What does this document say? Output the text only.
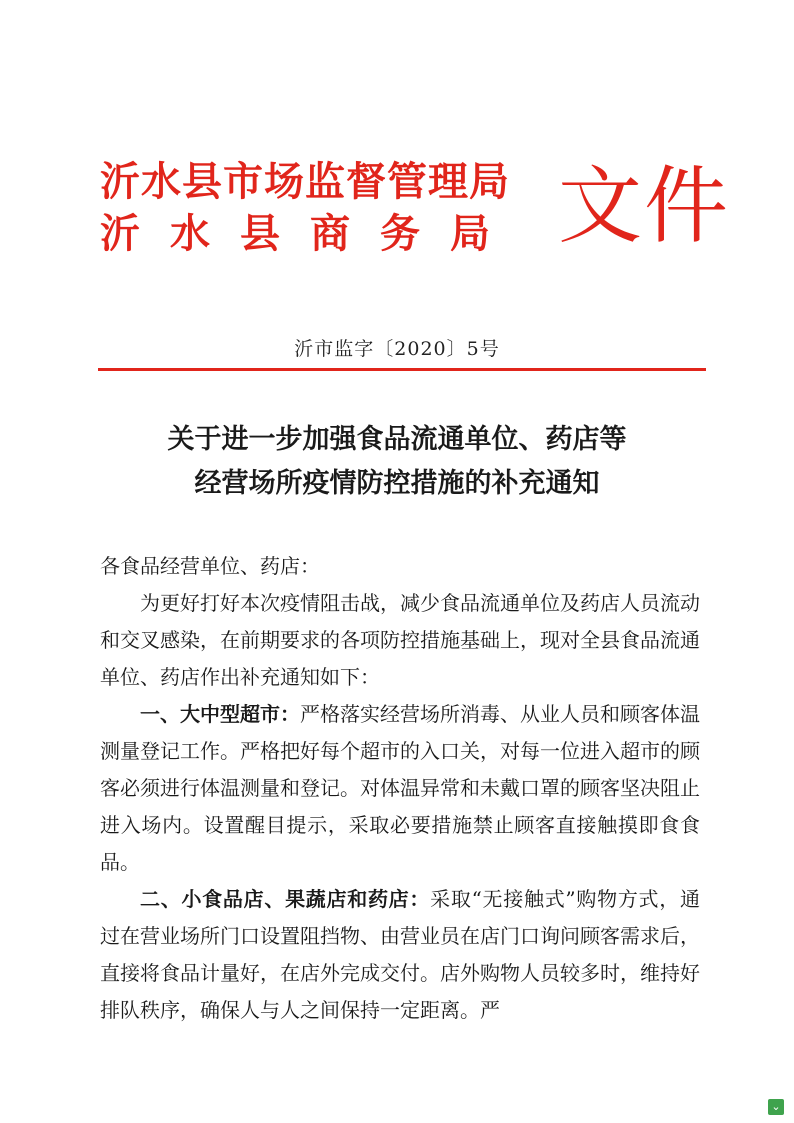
沂水县市场监督管理局
沂水县商务局 文件
沂市监字〔2020〕5号
关于进一步加强食品流通单位、药店等
经营场所疫情防控措施的补充通知

各食品经营单位、药店：

为更好打好本次疫情阻击战，减少食品流通单位及药店人员流动和交叉感染，在前期要求的各项防控措施基础上，现对全县食品流通单位、药店作出补充通知如下：

一、大中型超市：严格落实经营场所消毒、从业人员和顾客体温测量登记工作。严格把好每个超市的入口关，对每一位进入超市的顾客必须进行体温测量和登记。对体温异常和未戴口罩的顾客坚决阻止进入场内。设置醒目提示，采取必要措施禁止顾客直接触摸即食食品。

二、小食品店、果蔬店和药店：采取“无接触式”购物方式，通过在营业场所门口设置阻挡物、由营业员在店门口询问顾客需求后，直接将食品计量好，在店外完成交付。店外购物人员较多时，维持好排队秩序，确保人与人之间保持一定距离。严

⌄
